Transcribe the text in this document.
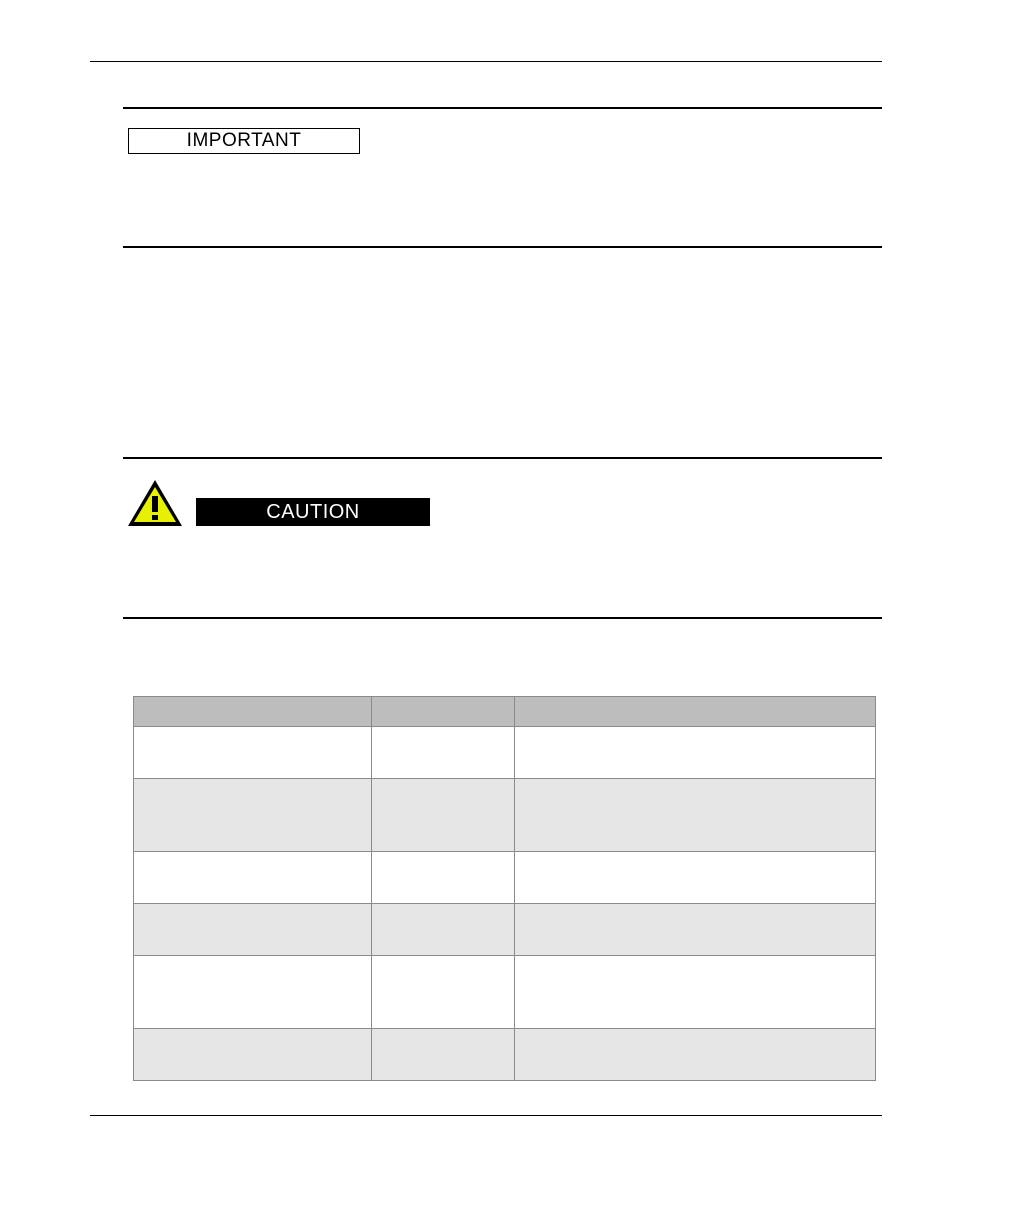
IMPORTANT
CAUTION
